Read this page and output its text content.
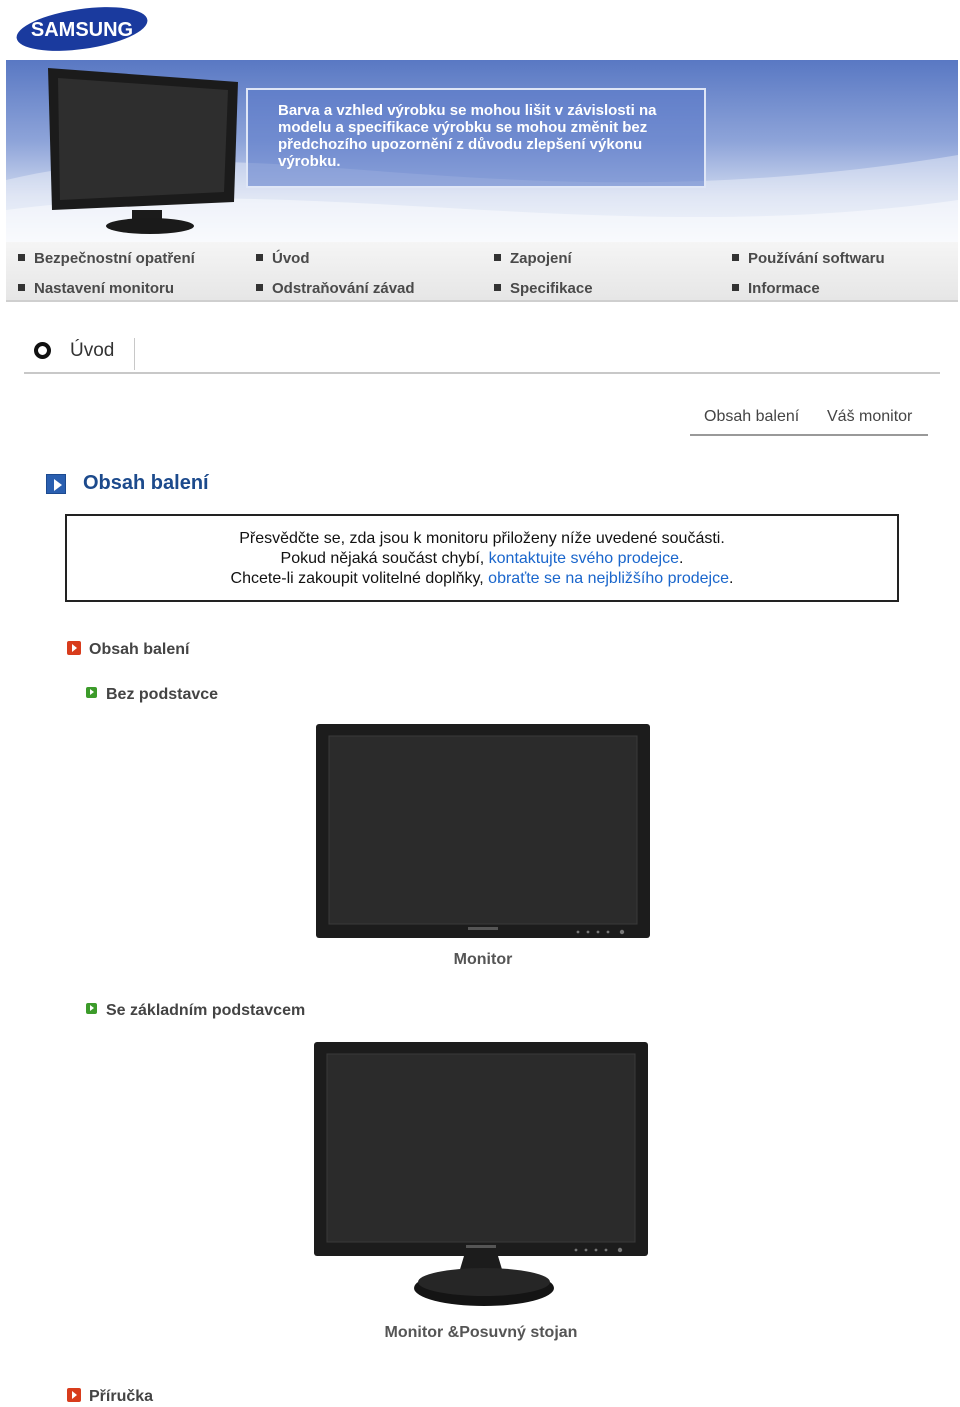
SAMSUNG
Barva a vzhled výrobku se mohou lišit v závislosti na
modelu a specifikace výrobku se mohou změnit bez
předchozího upozornění z důvodu zlepšení výkonu
výrobku.
Bezpečnostní opatření	Úvod	Zapojení	Používání softwaru
Nastavení monitoru	Odstraňování závad	Specifikace	Informace
Úvod
Obsah balení Váš monitor
Obsah balení
Přesvědčte se, zda jsou k monitoru přiloženy níže uvedené součásti.
Pokud nějaká součást chybí, kontaktujte svého prodejce.
Chcete-li zakoupit volitelné doplňky, obraťte se na nejbližšího prodejce.
Obsah balení
Bez podstavce
Monitor
Se základním podstavcem
Monitor &Posuvný stojan
Příručka
